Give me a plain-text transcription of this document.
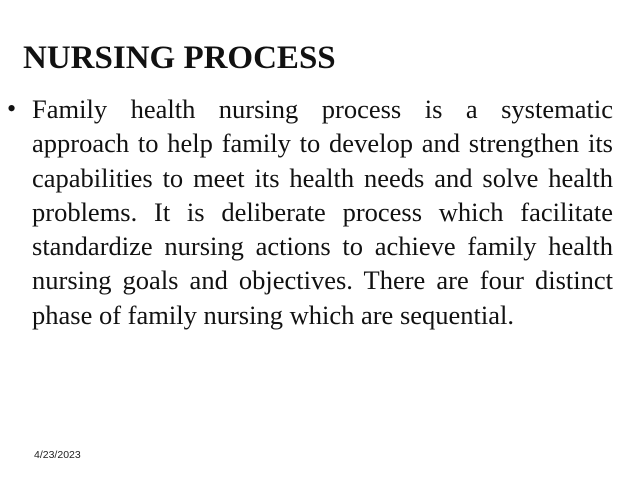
NURSING PROCESS
• Family health nursing process is a systematic approach to help family to develop and strengthen its capabilities to meet its health needs and solve health problems. It is deliberate process which facilitate standardize nursing actions to achieve family health nursing goals and objectives. There are four distinct phase of family nursing which are sequential.

4/23/2023
